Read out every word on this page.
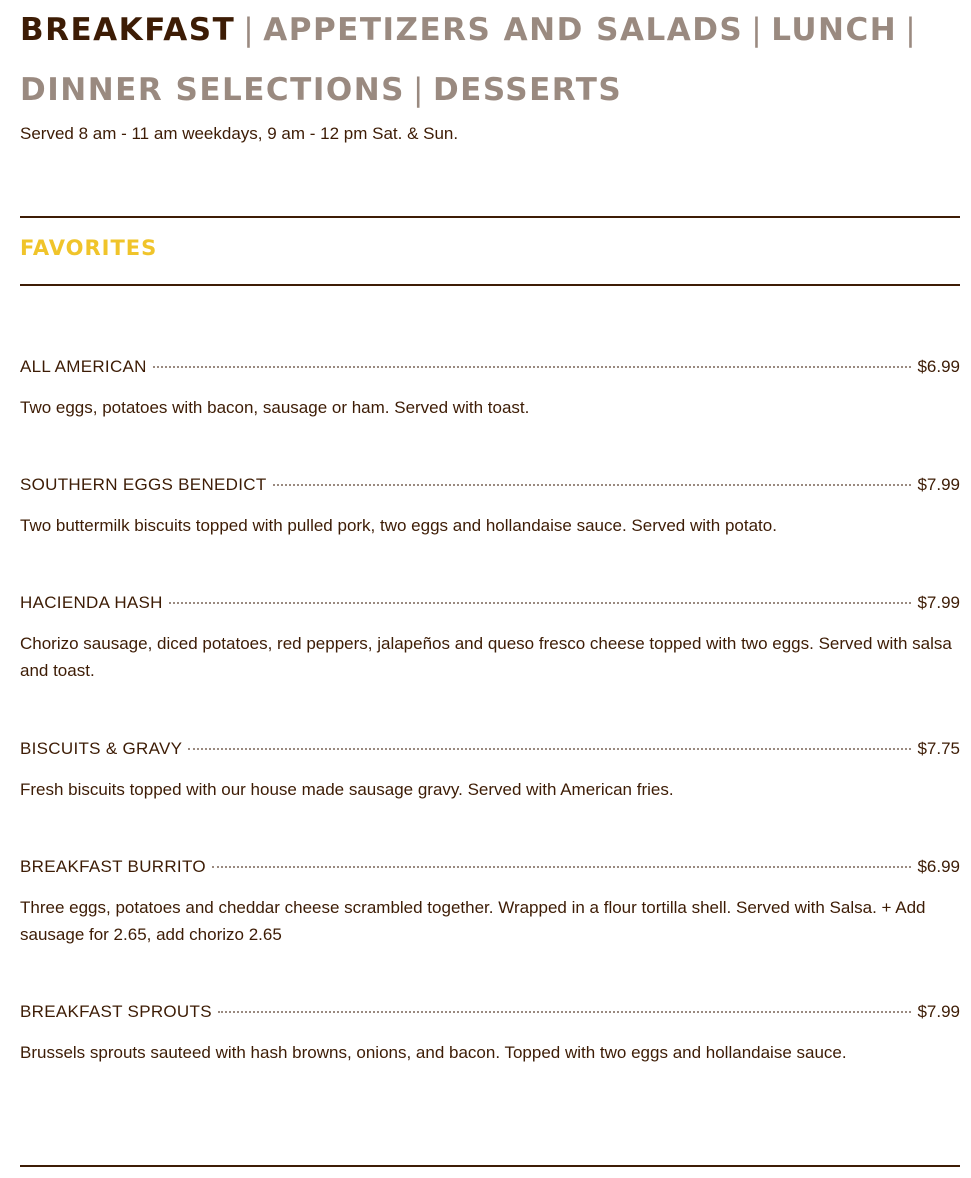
BREAKFAST | APPETIZERS AND SALADS | LUNCH |
DINNER SELECTIONS | DESSERTS
Served 8 am - 11 am weekdays, 9 am - 12 pm Sat. & Sun.
FAVORITES
ALL AMERICAN	$6.99
Two eggs, potatoes with bacon, sausage or ham. Served with toast.
SOUTHERN EGGS BENEDICT	$7.99
Two buttermilk biscuits topped with pulled pork, two eggs and hollandaise sauce. Served with potato.
HACIENDA HASH	$7.99
Chorizo sausage, diced potatoes, red peppers, jalapeños and queso fresco cheese topped with two eggs. Served with salsa and toast.
BISCUITS & GRAVY	$7.75
Fresh biscuits topped with our house made sausage gravy. Served with American fries.
BREAKFAST BURRITO	$6.99
Three eggs, potatoes and cheddar cheese scrambled together. Wrapped in a flour tortilla shell. Served with Salsa. + Add sausage for 2.65, add chorizo 2.65
BREAKFAST SPROUTS	$7.99
Brussels sprouts sauteed with hash browns, onions, and bacon. Topped with two eggs and hollandaise sauce.
